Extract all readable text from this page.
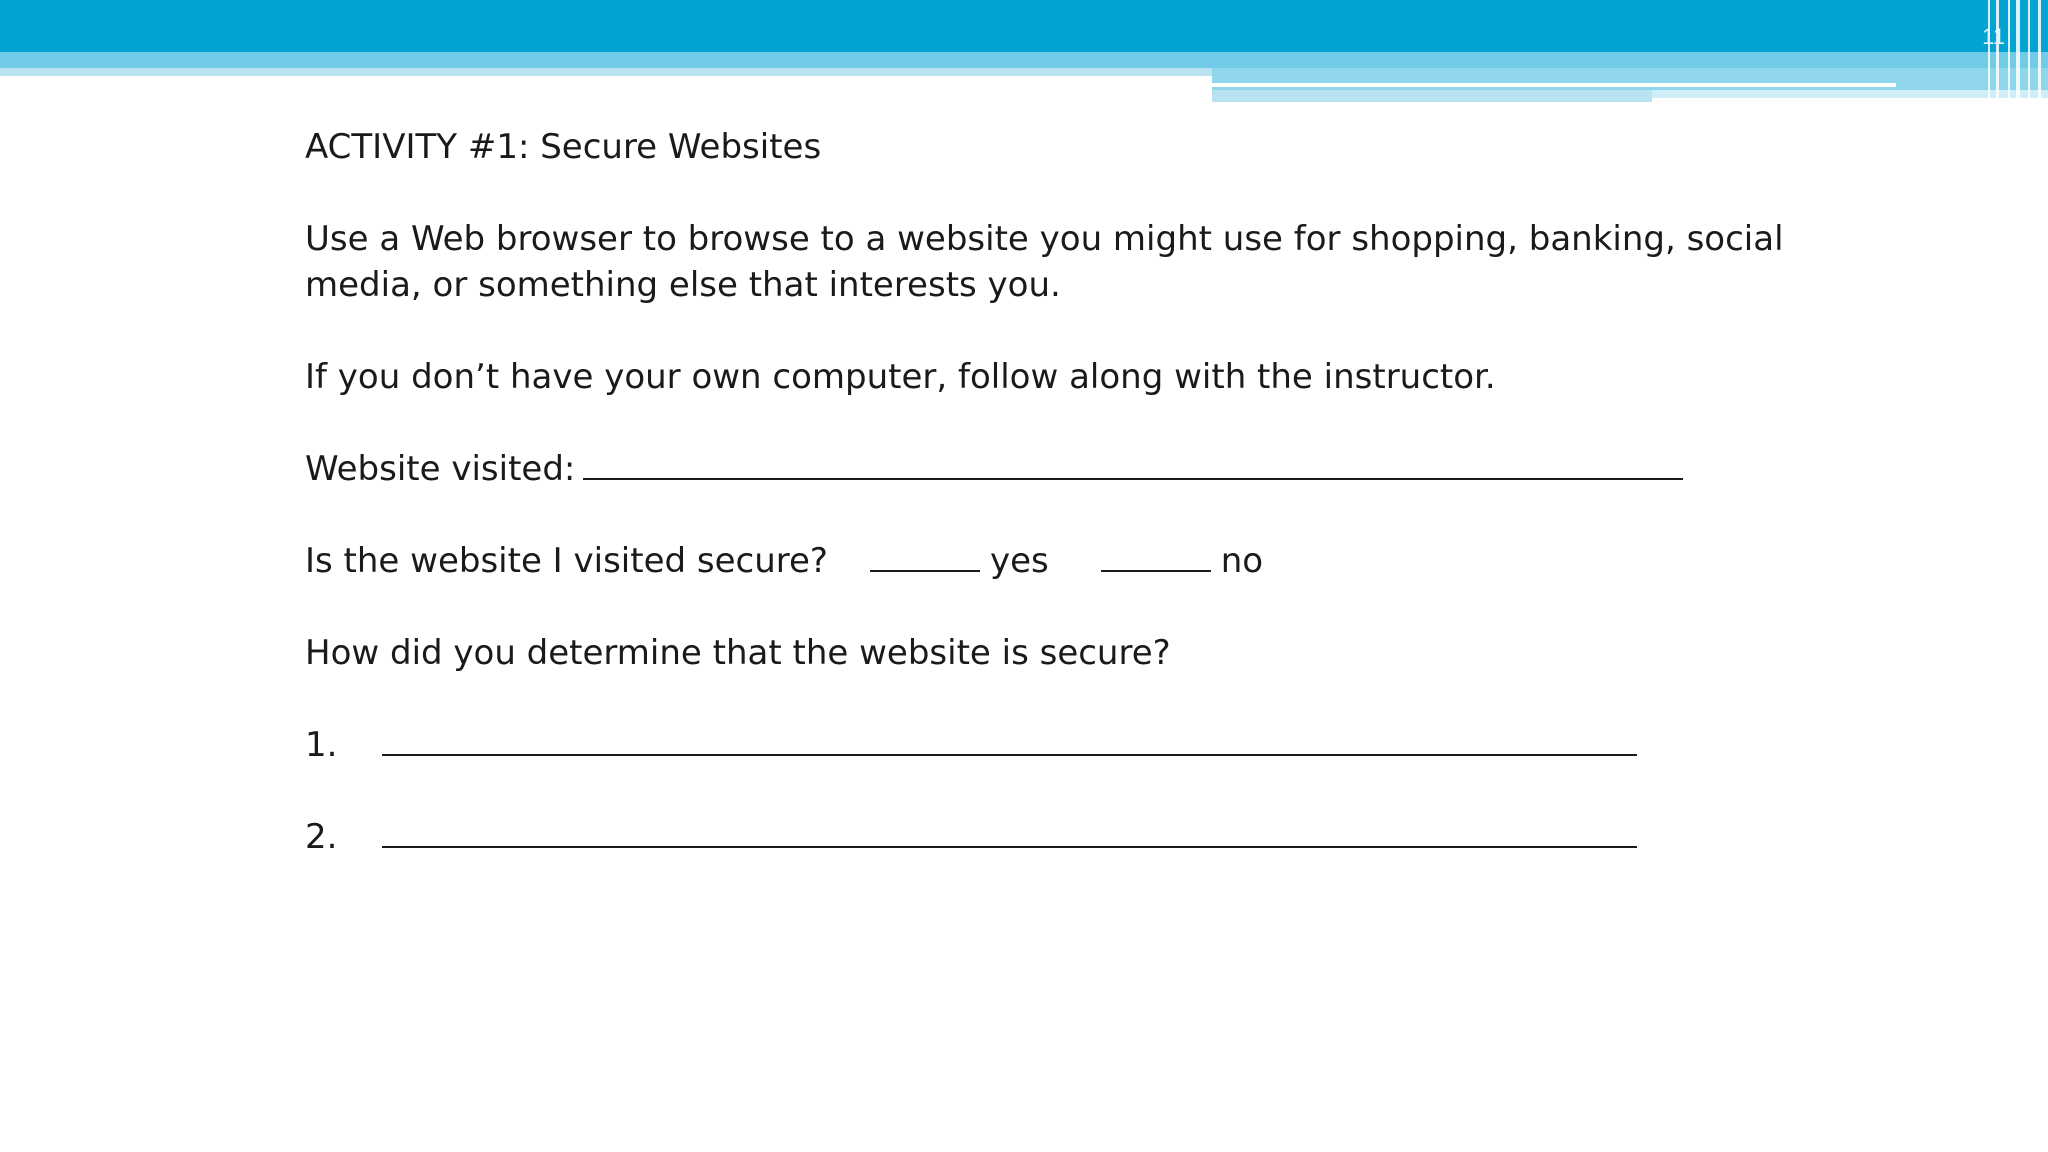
11

ACTIVITY #1: Secure Websites

Use a Web browser to browse to a website you might use for shopping, banking, social media, or something else that interests you.

If you don’t have your own computer, follow along with the instructor.

Website visited:
Is the website I visited secure?	yes	no

How did you determine that the website is secure?

1.
2.
